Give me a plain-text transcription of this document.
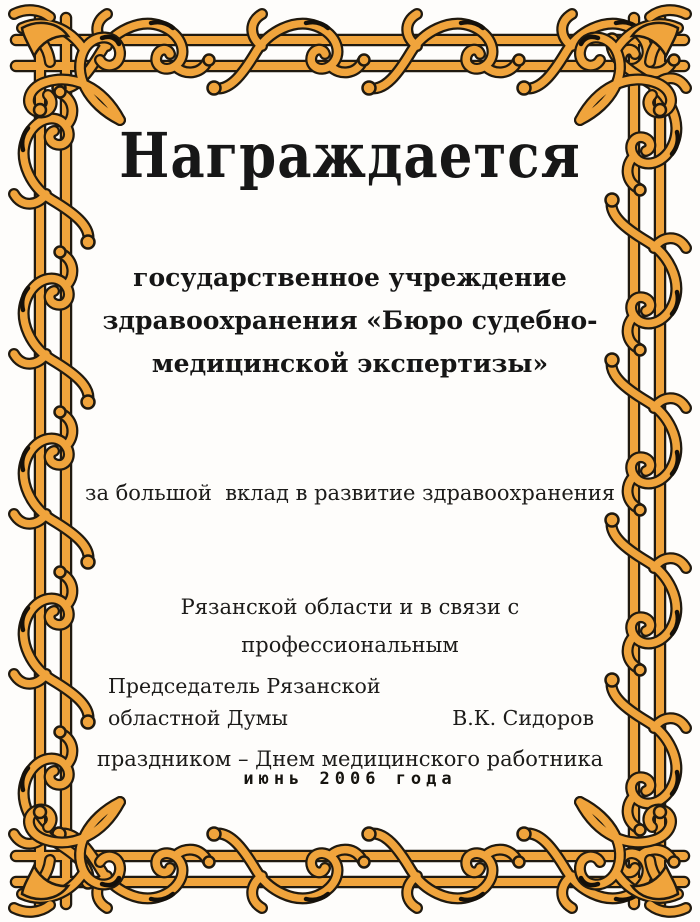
Награждается
государственное учреждение
здравоохранения «Бюро судебно-
медицинской экспертизы»

за большой  вклад в развитие здравоохранения

Рязанской области и в связи с профессиональным

праздником – Днем медицинского работника

Председатель Рязанской
областной Думы	В.К. Сидоров
июнь 2006 года
